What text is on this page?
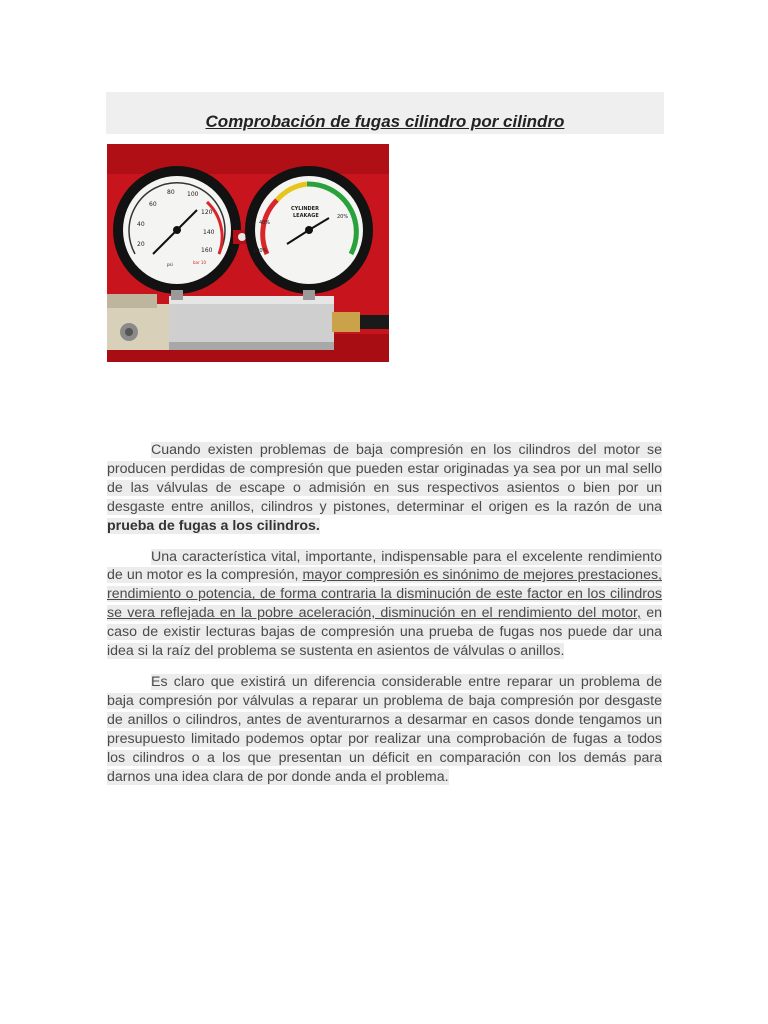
Comprobación de fugas cilindro por cilindro
20
40
60
80 100
120
140
160
psi	bar 10
CYLINDER
LEAKAGE	20%
40%
100%

Cuando existen problemas de baja compresión en los cilindros del motor se producen perdidas de compresión que pueden estar originadas ya sea por un mal sello de las válvulas de escape o admisión en sus respectivos asientos o bien por un desgaste entre anillos, cilindros y pistones, determinar el origen es la razón de una prueba de fugas a los cilindros.

Una característica vital, importante, indispensable para el excelente rendimiento de un motor es la compresión, mayor compresión es sinónimo de mejores prestaciones, rendimiento o potencia, de forma contraria la disminución de este factor en los cilindros se vera reflejada en la pobre aceleración, disminución en el rendimiento del motor, en caso de existir lecturas bajas de compresión una prueba de fugas nos puede dar una idea si la raíz del problema se sustenta en asientos de válvulas o anillos.

Es claro que existirá un diferencia considerable entre reparar un problema de baja compresión por válvulas a reparar un problema de baja compresión por desgaste de anillos o cilindros, antes de aventurarnos a desarmar en casos donde tengamos un presupuesto limitado podemos optar por realizar una comprobación de fugas a todos los cilindros o a los que presentan un déficit en comparación con los demás para darnos una idea clara de por donde anda el problema.
